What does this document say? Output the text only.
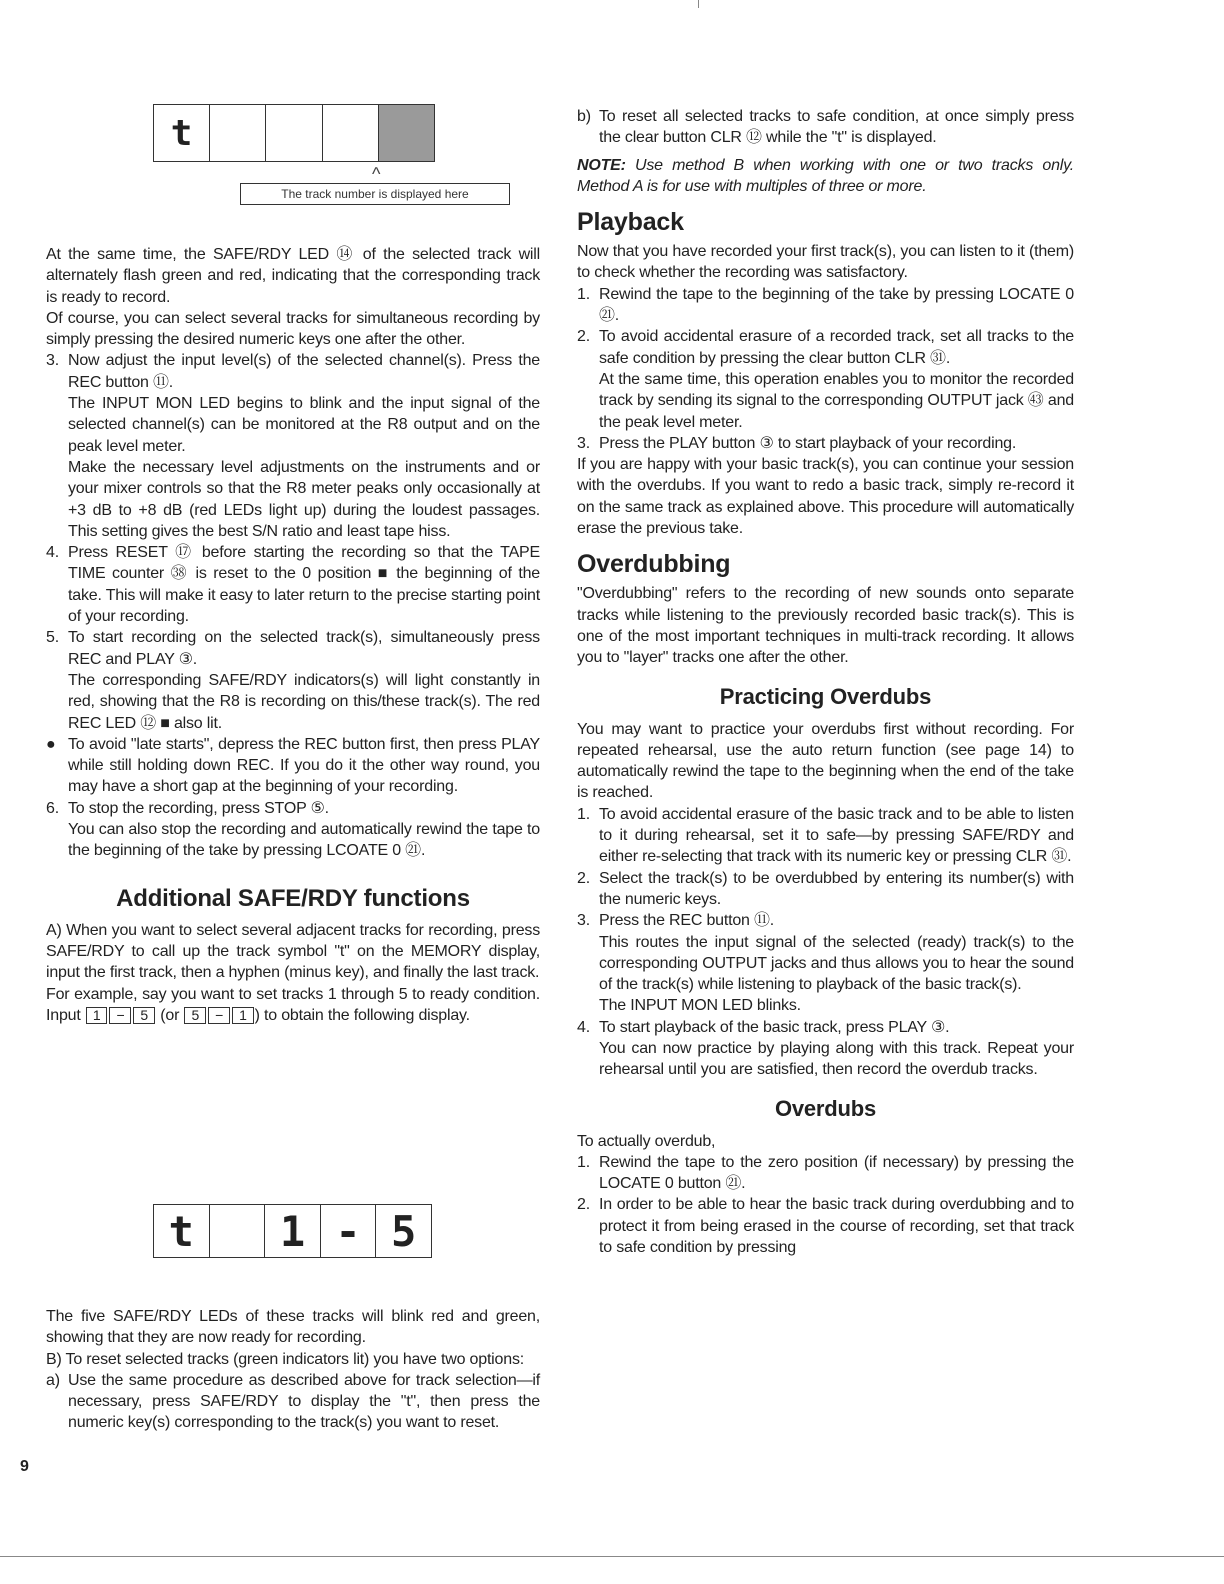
t
^
The track number is displayed here

At the same time, the SAFE/RDY LED ⑭ of the selected track will alternately flash green and red, indicating that the corresponding track is ready to record.

Of course, you can select several tracks for simultaneous recording by simply pressing the desired numeric keys one after the other.

3. Now adjust the input level(s) of the selected channel(s). Press the REC button ⑪.

The INPUT MON LED begins to blink and the input signal of the selected channel(s) can be monitored at the R8 output and on the peak level meter.

Make the necessary level adjustments on the instruments and or your mixer controls so that the R8 meter peaks only occasionally at +3 dB to +8 dB (red LEDs light up) during the loudest passages. This setting gives the best S/N ratio and least tape hiss.

4. Press RESET ⑰ before starting the recording so that the TAPE TIME counter ㊳ is reset to the 0 position ■ the beginning of the take. This will make it easy to later return to the precise starting point of your recording.

5. To start recording on the selected track(s), simultaneously press REC and PLAY ③.

The corresponding SAFE/RDY indicators(s) will light constantly in red, showing that the R8 is recording on this/these track(s). The red REC LED ⑫ ■ also lit.

● To avoid "late starts", depress the REC button first, then press PLAY while still holding down REC. If you do it the other way round, you may have a short gap at the beginning of your recording.

6. To stop the recording, press STOP ⑤.

You can also stop the recording and automatically rewind the tape to the beginning of the take by pressing LCOATE 0 ㉑.

Additional SAFE/RDY functions

A) When you want to select several adjacent tracks for recording, press SAFE/RDY to call up the track symbol "t" on the MEMORY display, input the first track, then a hyphen (minus key), and finally the last track.

For example, say you want to set tracks 1 through 5 to ready condition. Input 1 − 5 (or 5 − 1 ) to obtain the following display.

t	1 - 5

The five SAFE/RDY LEDs of these tracks will blink red and green, showing that they are now ready for recording.

B) To reset selected tracks (green indicators lit) you have two options:

a) Use the same procedure as described above for track selection—if necessary, press SAFE/RDY to display the "t", then press the numeric key(s) corresponding to the track(s) you want to reset.

b) To reset all selected tracks to safe condition, at once simply press the clear button CLR ⑫ while the "t" is displayed.

NOTE: Use method B when working with one or two tracks only. Method A is for use with multiples of three or more.

Playback

Now that you have recorded your first track(s), you can listen to it (them) to check whether the recording was satisfactory.

1. Rewind the tape to the beginning of the take by pressing LOCATE 0 ㉑.

2. To avoid accidental erasure of a recorded track, set all tracks to the safe condition by pressing the clear button CLR ㉛.

At the same time, this operation enables you to monitor the recorded track by sending its signal to the corresponding OUTPUT jack ㊸ and the peak level meter.

3. Press the PLAY button ③ to start playback of your recording.

If you are happy with your basic track(s), you can continue your session with the overdubs. If you want to redo a basic track, simply re-record it on the same track as explained above. This procedure will automatically erase the previous take.

Overdubbing

"Overdubbing" refers to the recording of new sounds onto separate tracks while listening to the previously recorded basic track(s). This is one of the most important techniques in multi-track recording. It allows you to "layer" tracks one after the other.

Practicing Overdubs

You may want to practice your overdubs first without recording. For repeated rehearsal, use the auto return function (see page 14) to automatically rewind the tape to the beginning when the end of the take is reached.

1. To avoid accidental erasure of the basic track and to be able to listen to it during rehearsal, set it to safe—by pressing SAFE/RDY and either re-selecting that track with its numeric key or pressing CLR ㉛.

2. Select the track(s) to be overdubbed by entering its number(s) with the numeric keys.

3. Press the REC button ⑪.

This routes the input signal of the selected (ready) track(s) to the corresponding OUTPUT jacks and thus allows you to hear the sound of the track(s) while listening to playback of the basic track(s).

The INPUT MON LED blinks.

4. To start playback of the basic track, press PLAY ③.

You can now practice by playing along with this track. Repeat your rehearsal until you are satisfied, then record the overdub tracks.

Overdubs

To actually overdub,

1. Rewind the tape to the zero position (if necessary) by pressing the LOCATE 0 button ㉑.

2. In order to be able to hear the basic track during overdubbing and to protect it from being erased in the course of recording, set that track to safe condition by pressing

9
